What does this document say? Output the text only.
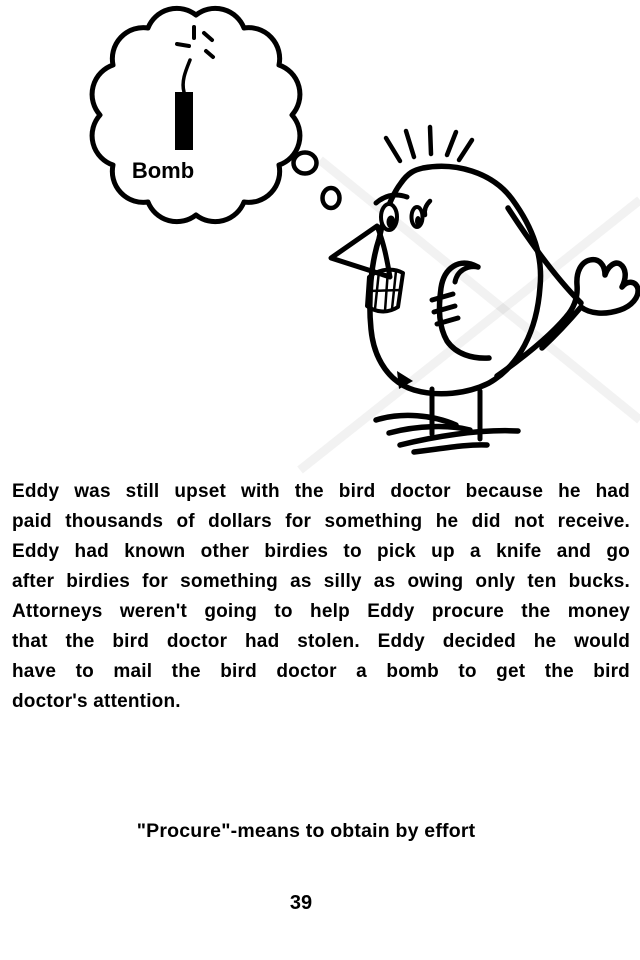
Bomb
Eddy was still upset with the bird doctor because he had
paid thousands of dollars for something he did not receive.
Eddy had known other birdies to pick up a knife and go
after birdies for something as silly as owing only ten bucks.
Attorneys weren't going to help Eddy procure the money
that the bird doctor had stolen. Eddy decided he would
have to mail the bird doctor a bomb to get the bird
doctor's attention.
"Procure"-means to obtain by effort
39
